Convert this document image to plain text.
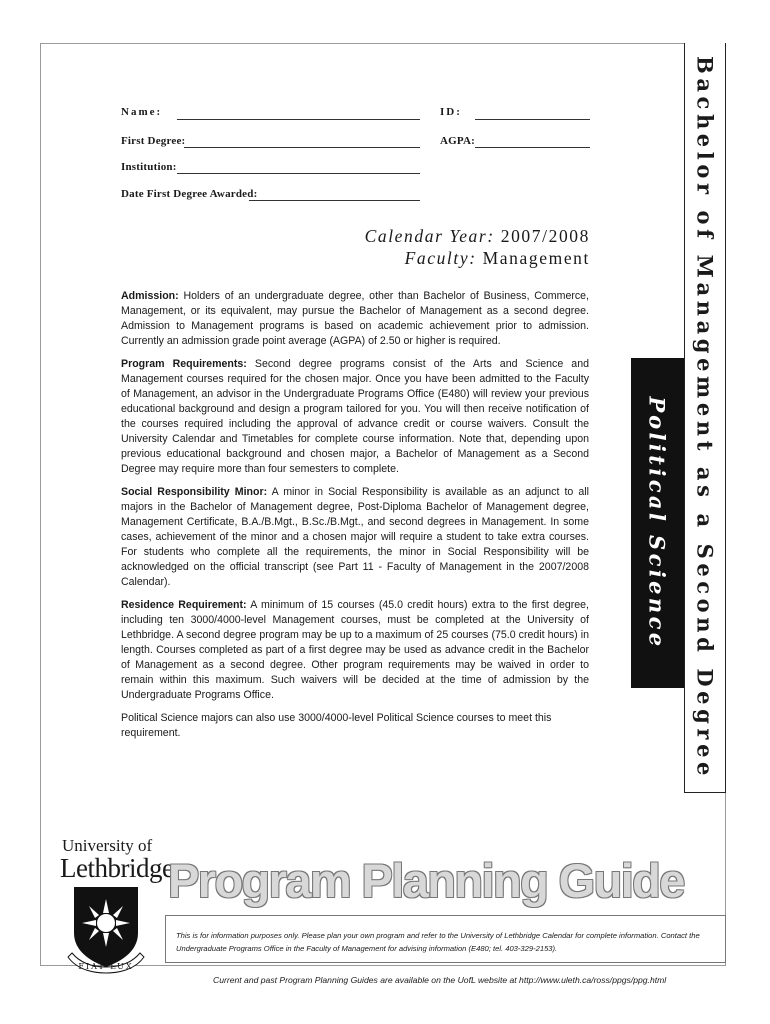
Bachelor of Management as a Second Degree
Political Science
Name:	ID:
First Degree:	AGPA:
Institution:
Date First Degree Awarded:
Calendar Year: 2007/2008
Faculty: Management

Admission: Holders of an undergraduate degree, other than Bachelor of Business, Commerce, Management, or its equivalent, may pursue the Bachelor of Management as a second degree. Admission to Management programs is based on academic achievement prior to admission. Currently an admission grade point average (AGPA) of 2.50 or higher is required.

Program Requirements: Second degree programs consist of the Arts and Science and Management courses required for the chosen major. Once you have been admitted to the Faculty of Management, an advisor in the Undergraduate Programs Office (E480) will review your previous educational background and design a program tailored for you. You will then receive notification of the courses required including the approval of advance credit or course waivers. Consult the University Calendar and Timetables for complete course information. Note that, depending upon previous educational background and chosen major, a Bachelor of Management as a Second Degree may require more than four semesters to complete.

Social Responsibility Minor: A minor in Social Responsibility is available as an adjunct to all majors in the Bachelor of Management degree, Post-Diploma Bachelor of Management degree, Management Certificate, B.A./B.Mgt., B.Sc./B.Mgt., and second degrees in Management. In some cases, achievement of the minor and a chosen major will require a student to take extra courses. For students who complete all the requirements, the minor in Social Responsibility will be acknowledged on the official transcript (see Part 11 - Faculty of Management in the 2007/2008 Calendar).

Residence Requirement: A minimum of 15 courses (45.0 credit hours) extra to the first degree, including ten 3000/4000-level Management courses, must be completed at the University of Lethbridge. A second degree program may be up to a maximum of 25 courses (75.0 credit hours) in length. Courses completed as part of a first degree may be used as advance credit in the Bachelor of Management as a second degree. Other program requirements may be waived in order to remain within this maximum. Such waivers will be decided at the time of admission by the Undergraduate Programs Office.

Political Science majors can also use 3000/4000-level Political Science courses to meet this requirement.

University of
Lethbridge
FIAT LUX
Program Planning Guide
This is for information purposes only. Please plan your own program and refer to the University of Lethbridge Calendar for complete information. Contact the Undergraduate Programs Office in the Faculty of Management for advising information (E480; tel. 403-329-2153).
Current and past Program Planning Guides are available on the UofL website at http://www.uleth.ca/ross/ppgs/ppg.html
